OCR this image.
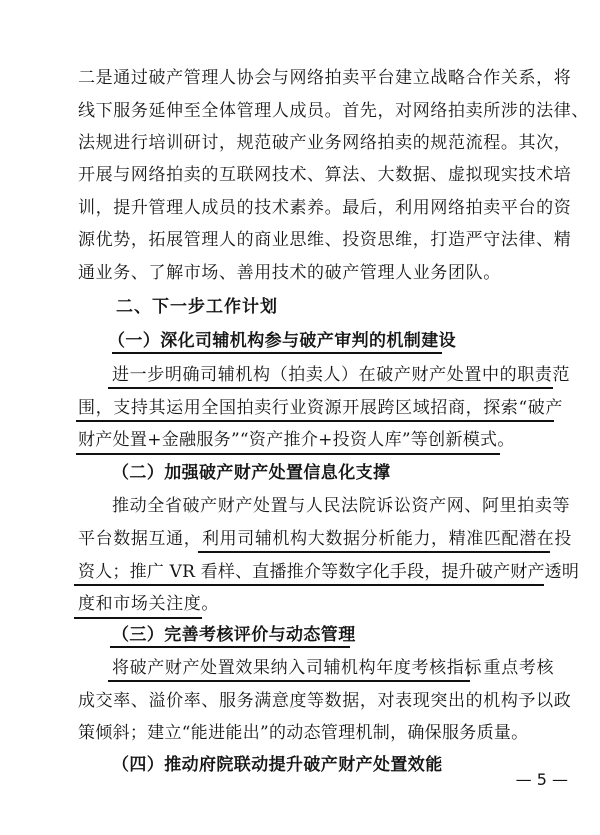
二是通过破产管理人协会与网络拍卖平台建立战略合作关系，将
线下服务延伸至全体管理人成员。首先，对网络拍卖所涉的法律、
法规进行培训研讨，规范破产业务网络拍卖的规范流程。其次，
开展与网络拍卖的互联网技术、算法、大数据、虚拟现实技术培
训，提升管理人成员的技术素养。最后，利用网络拍卖平台的资
源优势，拓展管理人的商业思维、投资思维，打造严守法律、精
通业务、了解市场、善用技术的破产管理人业务团队。
二、下一步工作计划
（一）深化司辅机构参与破产审判的机制建设
进一步明确司辅机构（拍卖人）在破产财产处置中的职责范
围，支持其运用全国拍卖行业资源开展跨区域招商，探索“破产
财产处置+金融服务”“资产推介+投资人库”等创新模式。
（二）加强破产财产处置信息化支撑
推动全省破产财产处置与人民法院诉讼资产网、阿里拍卖等
平台数据互通， 利用司辅机构大数据分析能力，精准匹配潜在投
资人；推广 VR 看样、直播推介等数字化手段，提升破产财产透明
度和市场关注度。
（三）完善考核评价与动态管理
将破产财产处置效果纳入司辅机构年度考核指标
，重点考核
成交率、溢价率、服务满意度等数据，对表现突出的机构予以政
策倾斜；建立“能进能出”的动态管理机制，确保服务质量。
（四）推动府院联动提升破产财产处置效能
— 5 —
